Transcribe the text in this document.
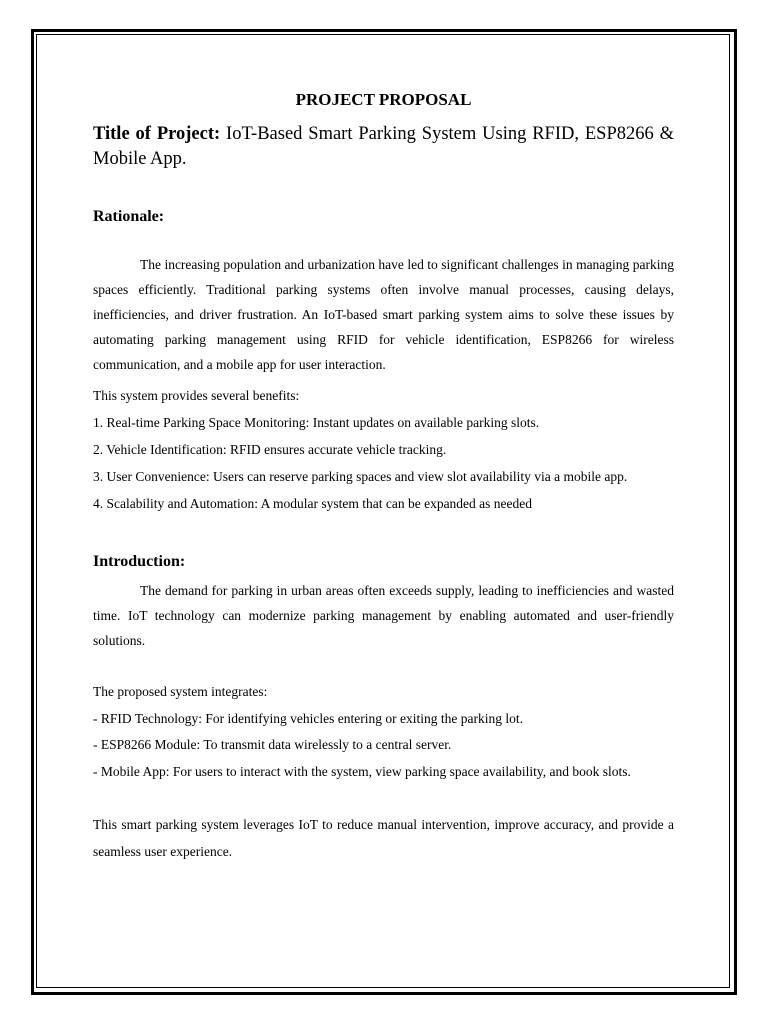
PROJECT PROPOSAL

Title of Project: IoT-Based Smart Parking System Using RFID, ESP8266 & Mobile App.

Rationale:

The increasing population and urbanization have led to significant challenges in managing parking spaces efficiently. Traditional parking systems often involve manual processes, causing delays, inefficiencies, and driver frustration. An IoT-based smart parking system aims to solve these issues by automating parking management using RFID for vehicle identification, ESP8266 for wireless communication, and a mobile app for user interaction.

This system provides several benefits:

1. Real-time Parking Space Monitoring: Instant updates on available parking slots.

2. Vehicle Identification: RFID ensures accurate vehicle tracking.

3. User Convenience: Users can reserve parking spaces and view slot availability via a mobile app.

4. Scalability and Automation: A modular system that can be expanded as needed

Introduction:

The demand for parking in urban areas often exceeds supply, leading to inefficiencies and wasted time. IoT technology can modernize parking management by enabling automated and user-friendly solutions.

The proposed system integrates:

- RFID Technology: For identifying vehicles entering or exiting the parking lot.

- ESP8266 Module: To transmit data wirelessly to a central server.

- Mobile App: For users to interact with the system, view parking space availability, and book slots.

This smart parking system leverages IoT to reduce manual intervention, improve accuracy, and provide a seamless user experience.
